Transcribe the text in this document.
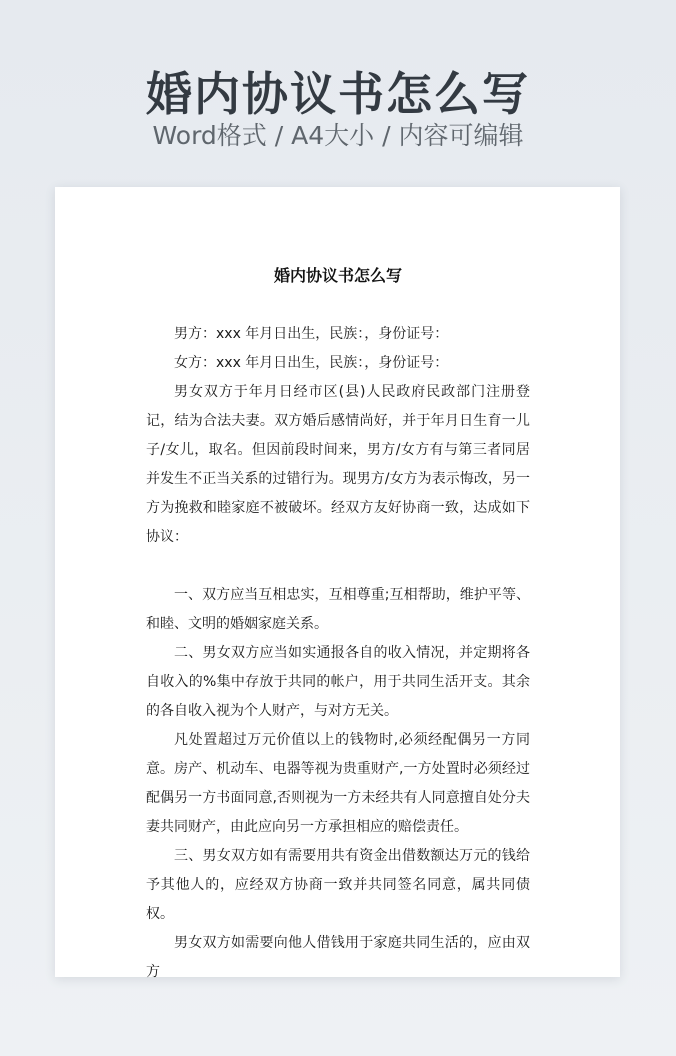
婚内协议书怎么写
Word格式 / A4大小 / 内容可编辑
婚内协议书怎么写

男方：xxx 年月日出生，民族：，身份证号：

女方：xxx 年月日出生，民族：，身份证号：

男女双方于年月日经市区(县)人民政府民政部门注册登记，结为合法夫妻。双方婚后感情尚好，并于年月日生育一儿子/女儿，取名。但因前段时间来，男方/女方有与第三者同居并发生不正当关系的过错行为。现男方/女方为表示悔改，另一方为挽救和睦家庭不被破坏。经双方友好协商一致，达成如下协议：

一、双方应当互相忠实，互相尊重;互相帮助，维护平等、和睦、文明的婚姻家庭关系。

二、男女双方应当如实通报各自的收入情况，并定期将各自收入的%集中存放于共同的帐户，用于共同生活开支。其余的各自收入视为个人财产，与对方无关。

凡处置超过万元价值以上的钱物时,必须经配偶另一方同意。房产、机动车、电器等视为贵重财产,一方处置时必须经过配偶另一方书面同意,否则视为一方未经共有人同意擅自处分夫妻共同财产，由此应向另一方承担相应的赔偿责任。

三、男女双方如有需要用共有资金出借数额达万元的钱给予其他人的，应经双方协商一致并共同签名同意，属共同债权。

男女双方如需要向他人借钱用于家庭共同生活的，应由双方
